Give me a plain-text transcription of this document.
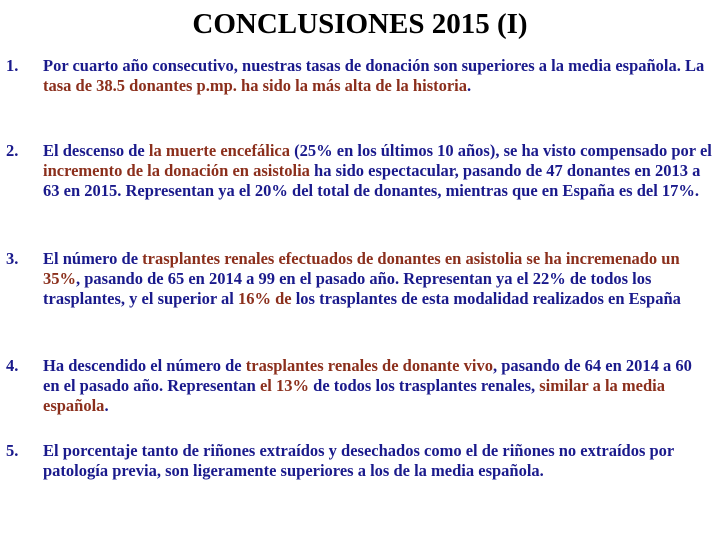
CONCLUSIONES 2015 (I)
1.	Por cuarto año consecutivo, nuestras tasas de donación son superiores a la media española. La tasa de 38.5 donantes p.mp. ha sido la más alta de la historia.
2.	El descenso de la muerte encefálica (25% en los últimos 10 años), se ha visto compensado por el incremento de la donación en asistolia ha sido espectacular, pasando de 47 donantes en 2013 a 63 en 2015. Representan ya el 20% del total de donantes, mientras que en España es del 17%.
3.	El número de trasplantes renales efectuados de donantes en asistolia se ha incremenado un 35%, pasando de 65 en 2014 a 99 en el pasado año. Representan ya el 22% de todos los trasplantes, y el superior al 16% de los trasplantes de esta modalidad realizados en España
4.	Ha descendido el número de trasplantes renales de donante vivo, pasando de 64 en 2014 a 60 en el pasado año. Representan el 13% de todos los trasplantes renales, similar a la media española.
5.	El porcentaje tanto de riñones extraídos y desechados como el de riñones no extraídos por patología previa, son ligeramente superiores a los de la media española.
